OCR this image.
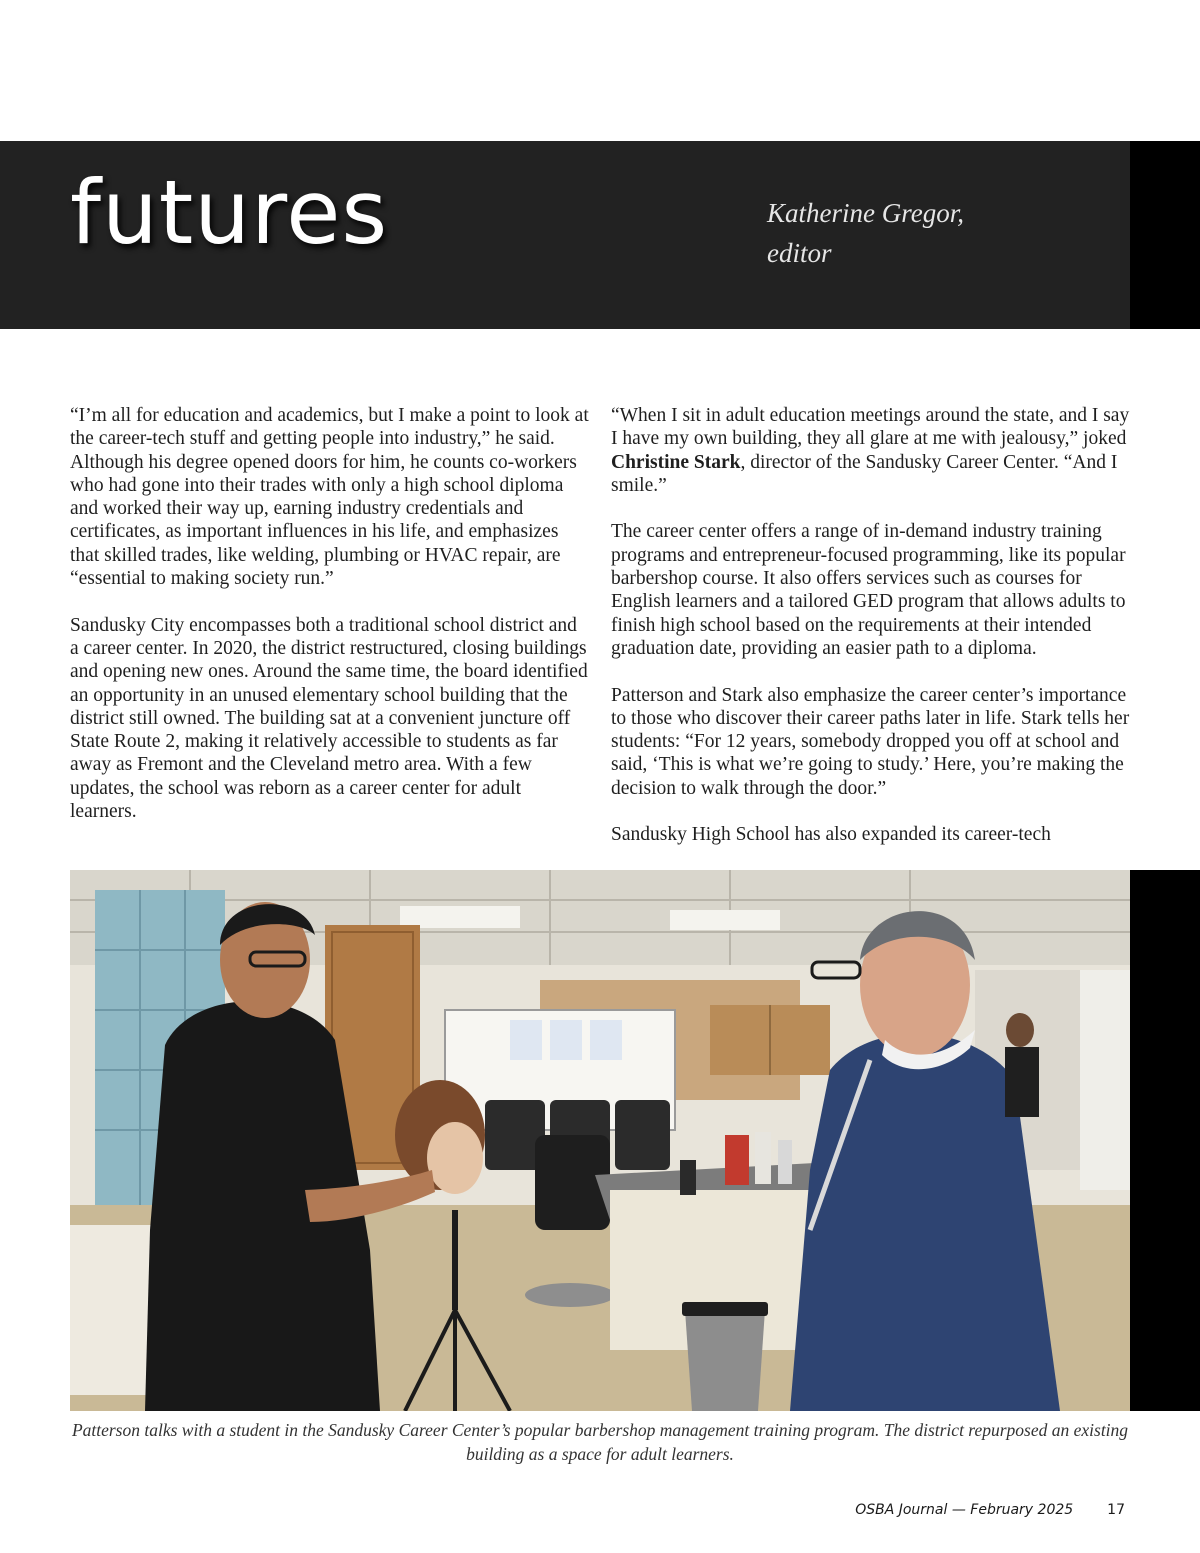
futures	Katherine Gregor,
editor

“I’m all for education and academics, but I make a point to look at the career-tech stuff and getting people into industry,” he said. Although his degree opened doors for him, he counts co-workers who had gone into their trades with only a high school diploma and worked their way up, earning industry credentials and certificates, as important influences in his life, and emphasizes that skilled trades, like welding, plumbing or HVAC repair, are “essential to making society run.”

Sandusky City encompasses both a traditional school district and a career center. In 2020, the district restructured, closing buildings and opening new ones. Around the same time, the board identified an opportunity in an unused elementary school building that the district still owned. The building sat at a convenient juncture off State Route 2, making it relatively accessible to students as far away as Fremont and the Cleveland metro area. With a few updates, the school was reborn as a career center for adult learners.

“When I sit in adult education meetings around the state, and I say I have my own building, they all glare at me with jealousy,” joked Christine Stark, director of the Sandusky Career Center. “And I smile.”

The career center offers a range of in-demand industry training programs and entrepreneur-focused programming, like its popular barbershop course. It also offers services such as courses for English learners and a tailored GED program that allows adults to finish high school based on the requirements at their intended graduation date, providing an easier path to a diploma.

Patterson and Stark also emphasize the career center’s importance to those who discover their career paths later in life. Stark tells her students: “For 12 years, somebody dropped you off at school and said, ‘This is what we’re going to study.’ Here, you’re making the decision to walk through the door.”

Sandusky High School has also expanded its career-tech

Patterson talks with a student in the Sandusky Career Center’s popular barbershop management training program. The district repurposed an existing building as a space for adult learners.
OSBA Journal — February 2025 17
